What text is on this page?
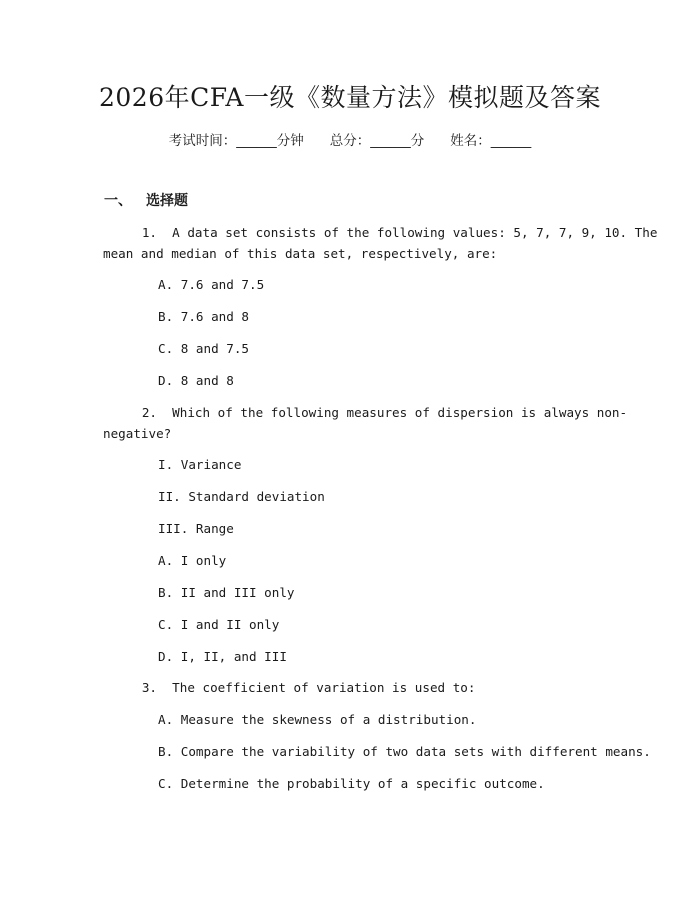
2026年CFA一级《数量方法》模拟题及答案
考试时间：______分钟 总分：______分 姓名：______
一、 选择题
1. A data set consists of the following values: 5, 7, 7, 9, 10. The
mean and median of this data set, respectively, are:
A. 7.6 and 7.5
B. 7.6 and 8
C. 8 and 7.5
D. 8 and 8
2. Which of the following measures of dispersion is always non-
negative?
I. Variance
II. Standard deviation
III. Range
A. I only
B. II and III only
C. I and II only
D. I, II, and III
3. The coefficient of variation is used to:
A. Measure the skewness of a distribution.
B. Compare the variability of two data sets with different means.
C. Determine the probability of a specific outcome.
